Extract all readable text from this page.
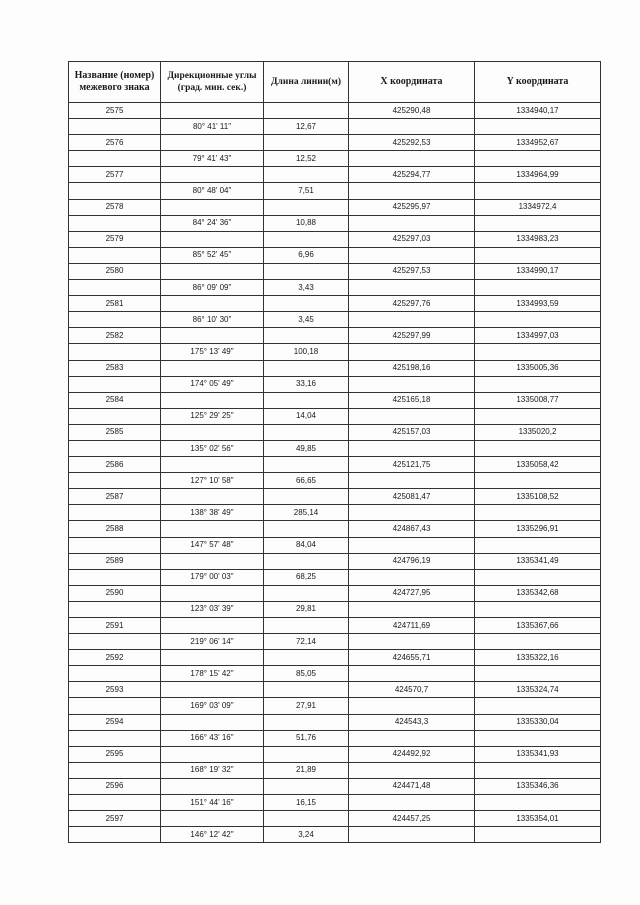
Название (номер) межевого знака	Дирекционные углы (град. мин. сек.)	Длина линии(м)	X координата	Y координата
2575			425290,48	1334940,17
	80° 41' 11"	12,67		
2576			425292,53	1334952,67
	79° 41' 43"	12,52		
2577			425294,77	1334964,99
	80° 48' 04"	7,51		
2578			425295,97	1334972,4
	84° 24' 36"	10,88		
2579			425297,03	1334983,23
	85° 52' 45"	6,96		
2580			425297,53	1334990,17
	86° 09' 09"	3,43		
2581			425297,76	1334993,59
	86° 10' 30"	3,45		
2582			425297,99	1334997,03
	175° 13' 49"	100,18		
2583			425198,16	1335005,36
	174° 05' 49"	33,16		
2584			425165,18	1335008,77
	125° 29' 25"	14,04		
2585			425157,03	1335020,2
	135° 02' 56"	49,85		
2586			425121,75	1335058,42
	127° 10' 58"	66,65		
2587			425081,47	1335108,52
	138° 38' 49"	285,14		
2588			424867,43	1335296,91
	147° 57' 48"	84,04		
2589			424796,19	1335341,49
	179° 00' 03"	68,25		
2590			424727,95	1335342,68
	123° 03' 39"	29,81		
2591			424711,69	1335367,66
	219° 06' 14"	72,14		
2592			424655,71	1335322,16
	178° 15' 42"	85,05		
2593			424570,7	1335324,74
	169° 03' 09"	27,91		
2594			424543,3	1335330,04
	166° 43' 16"	51,76		
2595			424492,92	1335341,93
	168° 19' 32"	21,89		
2596			424471,48	1335346,36
	151° 44' 16"	16,15		
2597			424457,25	1335354,01
	146° 12' 42"	3,24		
